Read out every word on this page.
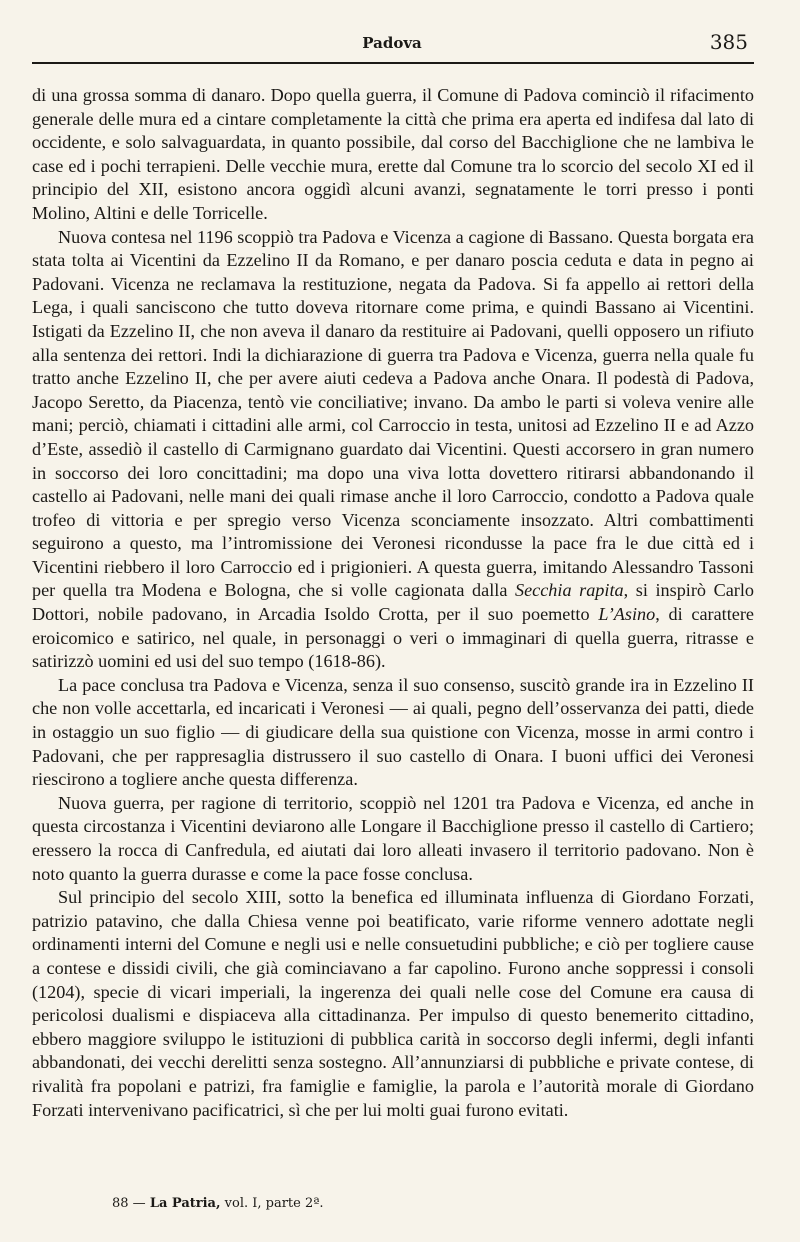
Padova	385

di una grossa somma di danaro. Dopo quella guerra, il Comune di Padova cominciò il rifacimento generale delle mura ed a cintare completamente la città che prima era aperta ed indifesa dal lato di occidente, e solo salvaguardata, in quanto possibile, dal corso del Bacchiglione che ne lambiva le case ed i pochi terrapieni. Delle vecchie mura, erette dal Comune tra lo scorcio del secolo XI ed il principio del XII, esistono ancora oggidì alcuni avanzi, segnatamente le torri presso i ponti Molino, Altini e delle Torricelle.

Nuova contesa nel 1196 scoppiò tra Padova e Vicenza a cagione di Bassano. Questa borgata era stata tolta ai Vicentini da Ezzelino II da Romano, e per danaro poscia ceduta e data in pegno ai Padovani. Vicenza ne reclamava la restituzione, negata da Padova. Si fa appello ai rettori della Lega, i quali sanciscono che tutto doveva ritornare come prima, e quindi Bassano ai Vicentini. Istigati da Ezzelino II, che non aveva il danaro da restituire ai Padovani, quelli opposero un rifiuto alla sentenza dei rettori. Indi la dichiarazione di guerra tra Padova e Vicenza, guerra nella quale fu tratto anche Ezzelino II, che per avere aiuti cedeva a Padova anche Onara. Il podestà di Padova, Jacopo Seretto, da Piacenza, tentò vie conciliative; invano. Da ambo le parti si voleva venire alle mani; perciò, chiamati i cittadini alle armi, col Carroccio in testa, unitosi ad Ezzelino II e ad Azzo d’Este, assediò il castello di Carmignano guardato dai Vicentini. Questi accorsero in gran numero in soccorso dei loro concittadini; ma dopo una viva lotta dovettero ritirarsi abbandonando il castello ai Padovani, nelle mani dei quali rimase anche il loro Carroccio, condotto a Padova quale trofeo di vittoria e per spregio verso Vicenza sconciamente insozzato. Altri combattimenti seguirono a questo, ma l’intromissione dei Veronesi ricondusse la pace fra le due città ed i Vicentini riebbero il loro Carroccio ed i prigionieri. A questa guerra, imitando Alessandro Tassoni per quella tra Modena e Bologna, che si volle cagionata dalla Secchia rapita, si inspirò Carlo Dottori, nobile padovano, in Arcadia Isoldo Crotta, per il suo poemetto L’Asino, di carattere eroicomico e satirico, nel quale, in personaggi o veri o immaginari di quella guerra, ritrasse e satirizzò uomini ed usi del suo tempo (1618-86).

La pace conclusa tra Padova e Vicenza, senza il suo consenso, suscitò grande ira in Ezzelino II che non volle accettarla, ed incaricati i Veronesi — ai quali, pegno dell’osservanza dei patti, diede in ostaggio un suo figlio — di giudicare della sua quistione con Vicenza, mosse in armi contro i Padovani, che per rappresaglia distrussero il suo castello di Onara. I buoni uffici dei Veronesi riescirono a togliere anche questa differenza.

Nuova guerra, per ragione di territorio, scoppiò nel 1201 tra Padova e Vicenza, ed anche in questa circostanza i Vicentini deviarono alle Longare il Bacchiglione presso il castello di Cartiero; eressero la rocca di Canfredula, ed aiutati dai loro alleati invasero il territorio padovano. Non è noto quanto la guerra durasse e come la pace fosse conclusa.

Sul principio del secolo XIII, sotto la benefica ed illuminata influenza di Giordano Forzati, patrizio patavino, che dalla Chiesa venne poi beatificato, varie riforme vennero adottate negli ordinamenti interni del Comune e negli usi e nelle consuetudini pubbliche; e ciò per togliere cause a contese e dissidi civili, che già cominciavano a far capolino. Furono anche soppressi i consoli (1204), specie di vicari imperiali, la ingerenza dei quali nelle cose del Comune era causa di pericolosi dualismi e dispiaceva alla cittadinanza. Per impulso di questo benemerito cittadino, ebbero maggiore sviluppo le istituzioni di pubblica carità in soccorso degli infermi, degli infanti abbandonati, dei vecchi derelitti senza sostegno. All’annunziarsi di pubbliche e private contese, di rivalità fra popolani e patrizi, fra famiglie e famiglie, la parola e l’autorità morale di Giordano Forzati intervenivano pacificatrici, sì che per lui molti guai furono evitati.

88 — La Patria, vol. I, parte 2ª.
